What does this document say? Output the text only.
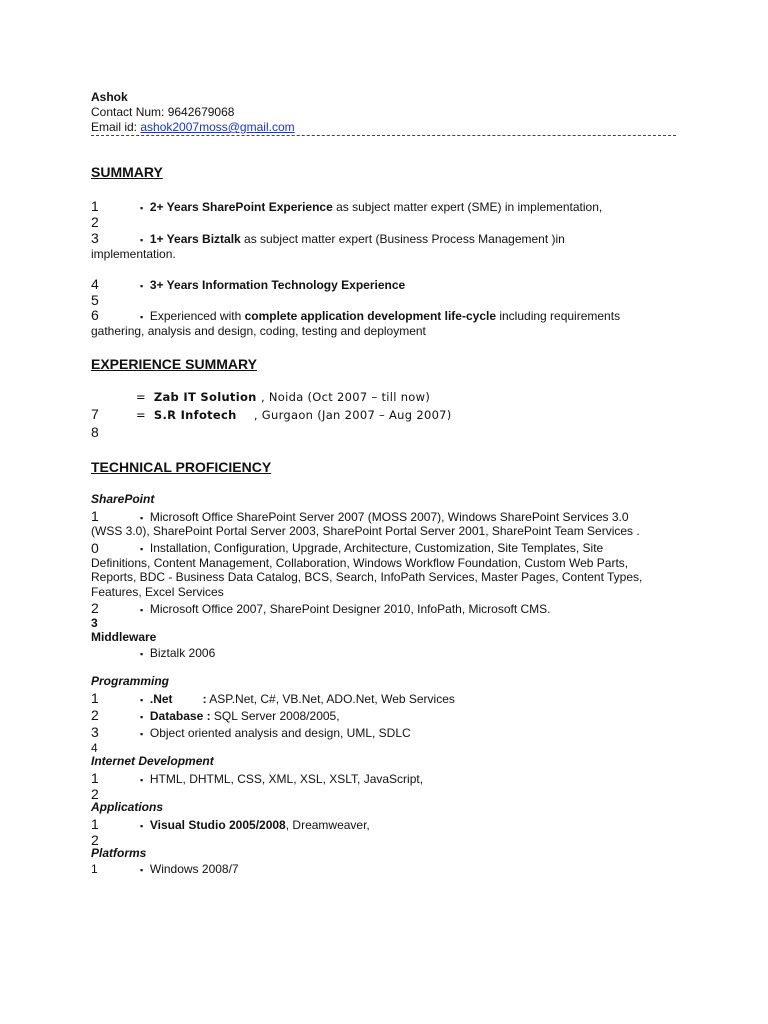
Ashok
Contact Num: 9642679068
Email id: ashok2007moss@gmail.com
SUMMARY
1	▪ 2+ Years SharePoint Experience as subject matter expert (SME) in implementation,
2
3	▪ 1+ Years Biztalk as subject matter expert (Business Process Management )in
implementation.
4	▪ 3+ Years Information Technology Experience
5
6	▪ Experienced with complete application development life-cycle including requirements
gathering, analysis and design, coding, testing and deployment
EXPERIENCE SUMMARY
= Zab IT Solution , Noida (Oct 2007 – till now)
7	= S.R Infotech    , Gurgaon (Jan 2007 – Aug 2007)
8
TECHNICAL PROFICIENCY
SharePoint
1	▪ Microsoft Office SharePoint Server 2007 (MOSS 2007), Windows SharePoint Services 3.0
(WSS 3.0), SharePoint Portal Server 2003, SharePoint Portal Server 2001, SharePoint Team Services .
0	▪ Installation, Configuration, Upgrade, Architecture, Customization, Site Templates, Site
Definitions, Content Management, Collaboration, Windows Workflow Foundation, Custom Web Parts,
Reports, BDC - Business Data Catalog, BCS, Search, InfoPath Services, Master Pages, Content Types,
Features, Excel Services
2	▪ Microsoft Office 2007, SharePoint Designer 2010, InfoPath, Microsoft CMS.
3
Middleware
▪ Biztalk 2006
Programming
1	▪ .Net	: ASP.Net, C#, VB.Net, ADO.Net, Web Services
2	▪ Database : SQL Server 2008/2005,
3	▪ Object oriented analysis and design, UML, SDLC
4
Internet Development
1	▪ HTML, DHTML, CSS, XML, XSL, XSLT, JavaScript,
2
Applications
1	▪ Visual Studio 2005/2008, Dreamweaver,
2
Platforms
1	▪ Windows 2008/7
